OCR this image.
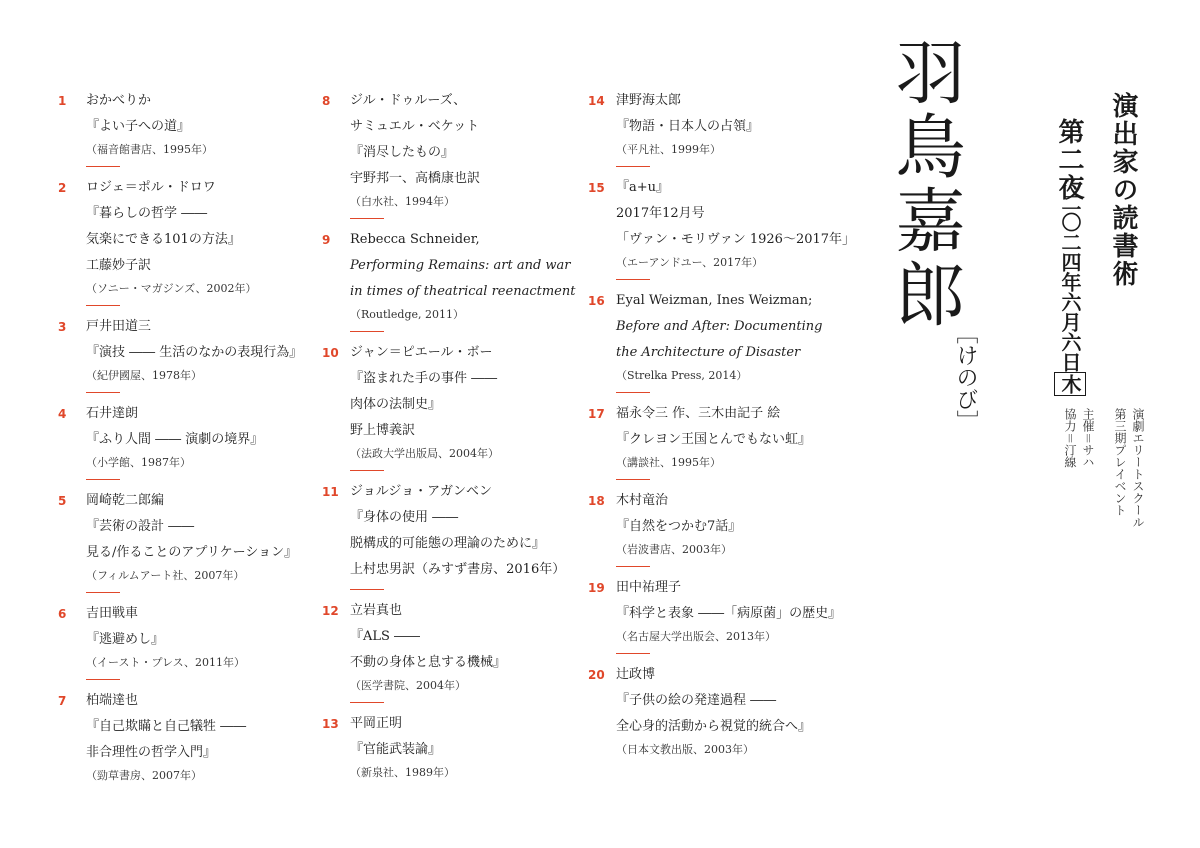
1	おかべりか
『よい子への道』
（福音館書店、1995年）
2	ロジェ＝ポル・ドロワ
『暮らしの哲学 ――
気楽にできる101の方法』
工藤妙子訳
（ソニー・マガジンズ、2002年）
3	戸井田道三
『演技 ―― 生活のなかの表現行為』
（紀伊國屋、1978年）
4	石井達朗
『ふり人間 ―― 演劇の境界』
（小学館、1987年）
5	岡崎乾二郎編
『芸術の設計 ――
見る/作ることのアプリケーション』
（フィルムアート社、2007年）
6	吉田戦車
『逃避めし』
（イースト・プレス、2011年）
7	柏端達也
『自己欺瞞と自己犠牲 ――
非合理性の哲学入門』
（勁草書房、2007年）
8	ジル・ドゥルーズ、
サミュエル・ベケット
『消尽したもの』
宇野邦一、高橋康也訳
（白水社、1994年）
9	Rebecca Schneider,
Performing Remains: art and war
in times of theatrical reenactment
（Routledge, 2011）
10 ジャン＝ピエール・ボー
『盗まれた手の事件 ――
肉体の法制史』
野上博義訳
（法政大学出版局、2004年）
11 ジョルジョ・アガンベン
『身体の使用 ――
脱構成的可能態の理論のために』
上村忠男訳（みすず書房、2016年）
12 立岩真也
『ALS ――
不動の身体と息する機械』
（医学書院、2004年）
13 平岡正明
『官能武装論』
（新泉社、1989年）
14 津野海太郎
『物語・日本人の占領』
（平凡社、1999年）
15 『a+u』
2017年12月号
「ヴァン・モリヴァン 1926〜2017年」
（エーアンドユー、2017年）
16 Eyal Weizman, Ines Weizman;
Before and After: Documenting
the Architecture of Disaster
（Strelka Press, 2014）
17 福永令三 作、三木由記子 絵
『クレヨン王国とんでもない虹』
（講談社、1995年）
18 木村竜治
『自然をつかむ7話』
（岩波書店、2003年）
19 田中祐理子
『科学と表象 ――「病原菌」の歴史』
（名古屋大学出版会、2013年）
20 辻政博
『子供の絵の発達過程 ――
全心身的活動から視覚的統合へ』
（日本文教出版、2003年）
羽鳥嘉郎
［けのび］
第二夜
二〇二四年六月六日木
演出家の読書術
演劇エリートスクール
第三期プレイベント
主催＝サハ
協力＝汀線
